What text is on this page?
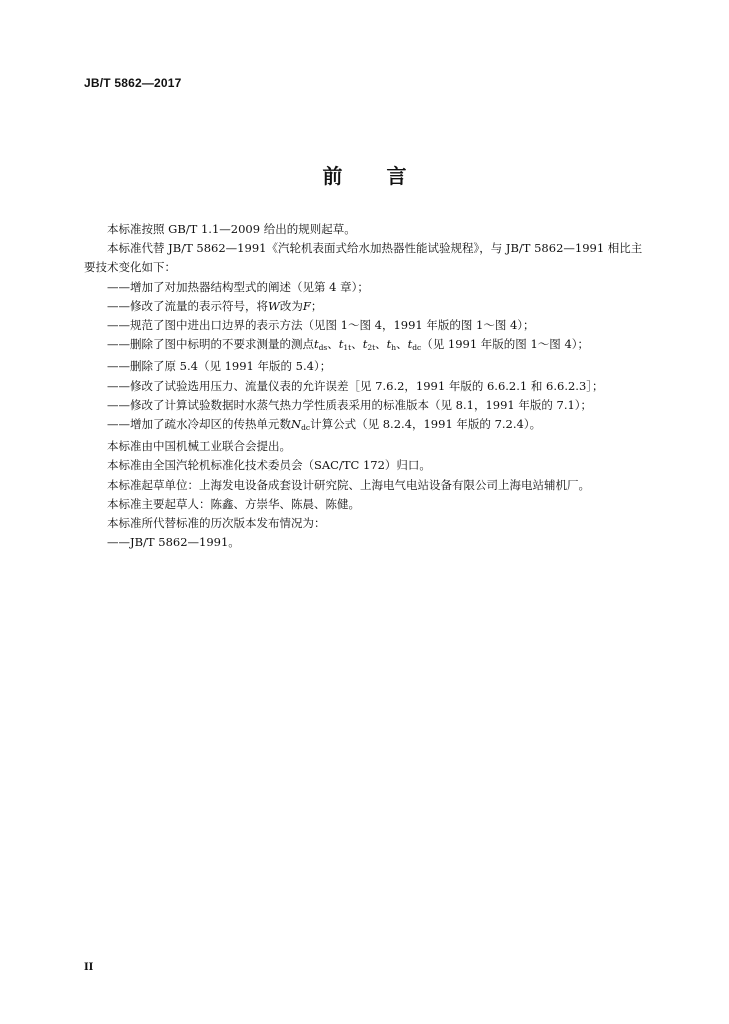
JB/T 5862—2017
前 言

本标准按照 GB/T 1.1—2009 给出的规则起草。

本标准代替 JB/T 5862—1991《汽轮机表面式给水加热器性能试验规程》，与 JB/T 5862—1991 相比主要技术变化如下：

——增加了对加热器结构型式的阐述（见第 4 章）；

——修改了流量的表示符号，将W改为F；

——规范了图中进出口边界的表示方法（见图 1～图 4，1991 年版的图 1～图 4）；

——删除了图中标明的不要求测量的测点$t_{ds}$、$t_{1t}$、$t_{2t}$、$t_h$、$t_{dc}$（见 1991 年版的图 1～图 4）；

——删除了原 5.4（见 1991 年版的 5.4）；

——修改了试验选用压力、流量仪表的允许误差［见 7.6.2，1991 年版的 6.6.2.1 和 6.6.2.3］；

——修改了计算试验数据时水蒸气热力学性质表采用的标准版本（见 8.1，1991 年版的 7.1）；

——增加了疏水冷却区的传热单元数$N_{dc}$计算公式（见 8.2.4，1991 年版的 7.2.4）。

本标准由中国机械工业联合会提出。

本标准由全国汽轮机标准化技术委员会（SAC/TC 172）归口。

本标准起草单位：上海发电设备成套设计研究院、上海电气电站设备有限公司上海电站辅机厂。

本标准主要起草人：陈鑫、方崇华、陈晨、陈健。

本标准所代替标准的历次版本发布情况为：

——JB/T 5862—1991。

II
